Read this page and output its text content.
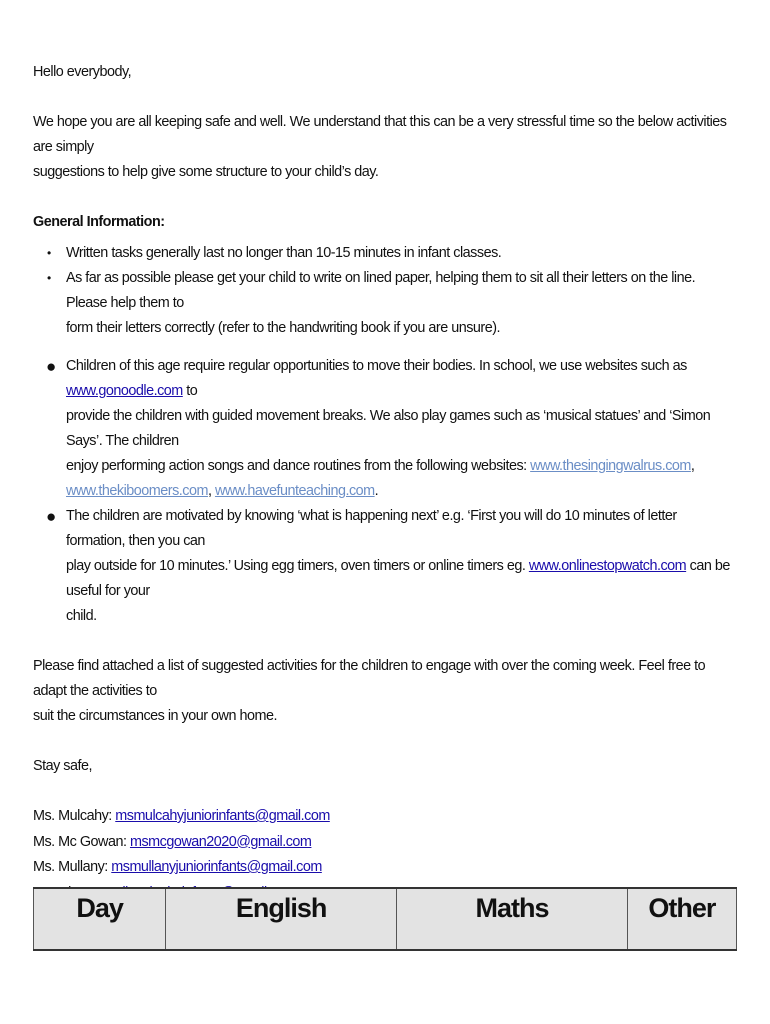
Hello everybody,

We hope you are all keeping safe and well. We understand that this can be a very stressful time so the below activities are simply

suggestions to help give some structure to your child’s day.

General Information:

• Written tasks generally last no longer than 10-15 minutes in infant classes.
• As far as possible please get your child to write on lined paper, helping them to sit all their letters on the line. Please help them to
form their letters correctly (refer to the handwriting book if you are unsure).
● Children of this age require regular opportunities to move their bodies. In school, we use websites such as www.gonoodle.com to
provide the children with guided movement breaks. We also play games such as ‘musical statues’ and ‘Simon Says’. The children
enjoy performing action songs and dance routines from the following websites: www.thesingingwalrus.com,
www.thekiboomers.com, www.havefunteaching.com.
● The children are motivated by knowing ‘what is happening next’ e.g. ‘First you will do 10 minutes of letter formation, then you can
play outside for 10 minutes.’ Using egg timers, oven timers or online timers eg. www.onlinestopwatch.com can be useful for your
child.

Please find attached a list of suggested activities for the children to engage with over the coming week. Feel free to adapt the activities to

suit the circumstances in your own home.

Stay safe,

Ms. Mulcahy: msmulcahyjuniorinfants@gmail.com

Ms. Mc Gowan: msmcgowan2020@gmail.com

Ms. Mullany: msmullanyjuniorinfants@gmail.com

Day	English	Maths	Other
